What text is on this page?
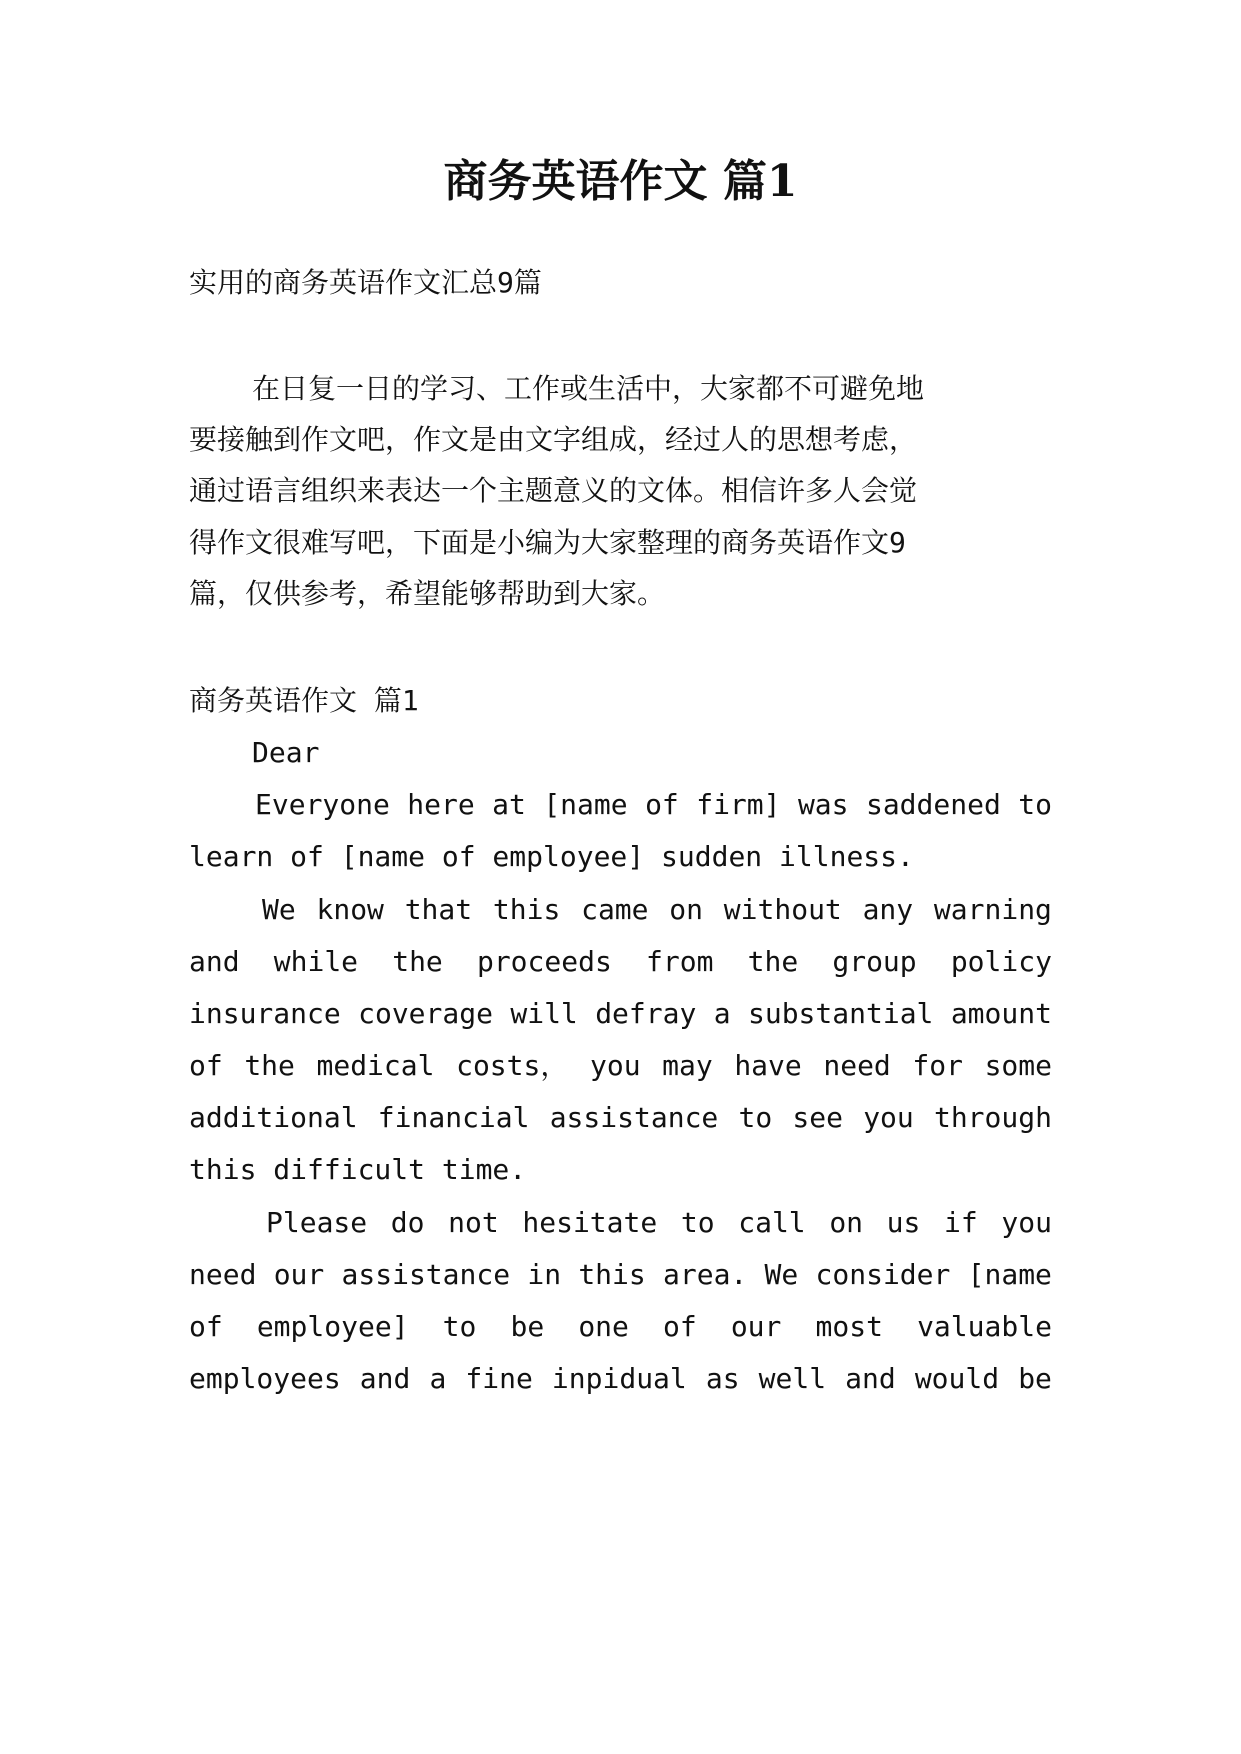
商务英语作文 篇1
实用的商务英语作文汇总9篇
在日复一日的学习、工作或生活中，大家都不可避免地
要接触到作文吧，作文是由文字组成，经过人的思想考虑，
通过语言组织来表达一个主题意义的文体。相信许多人会觉
得作文很难写吧，下面是小编为大家整理的商务英语作文9
篇，仅供参考，希望能够帮助到大家。
商务英语作文 篇1
Dear
Everyone here at [name of firm] was saddened to
learn of [name of employee] sudden illness.
We know that this came on without any warning
and while the proceeds from the group policy
insurance coverage will defray a substantial amount
of the medical costs， you may have need for some
additional financial assistance to see you through
this difficult time.
Please do not hesitate to call on us if you
need our assistance in this area. We consider [name
of employee] to be one of our most valuable
employees and a fine inpidual as well and would be
